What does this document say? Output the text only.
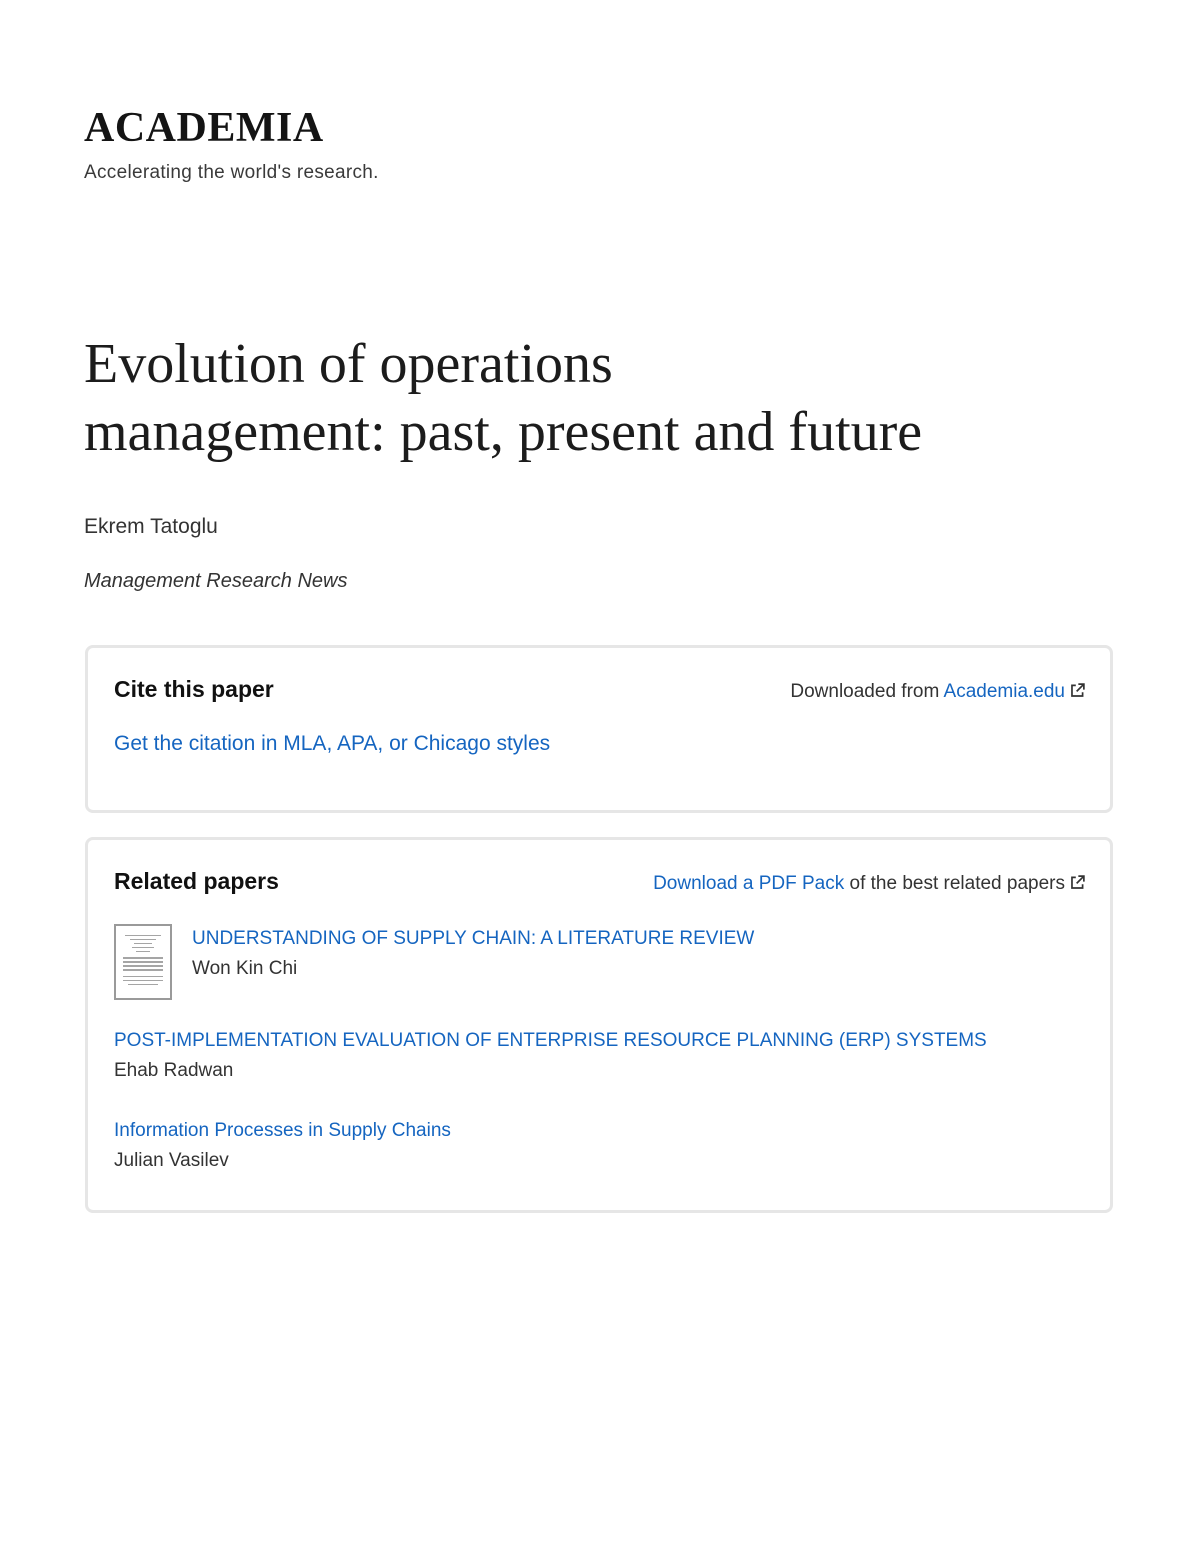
ACADEMIA
Accelerating the world's research.
Evolution of operations
management: past, present and future
Ekrem Tatoglu
Management Research News
Cite this paper	Downloaded from Academia.edu
Get the citation in MLA, APA, or Chicago styles
Related papers	Download a PDF Pack of the best related papers
UNDERSTANDING OF SUPPLY CHAIN: A LITERATURE REVIEW
Won Kin Chi
POST-IMPLEMENTATION EVALUATION OF ENTERPRISE RESOURCE PLANNING (ERP) SYSTEMS
Ehab Radwan
Information Processes in Supply Chains
Julian Vasilev
